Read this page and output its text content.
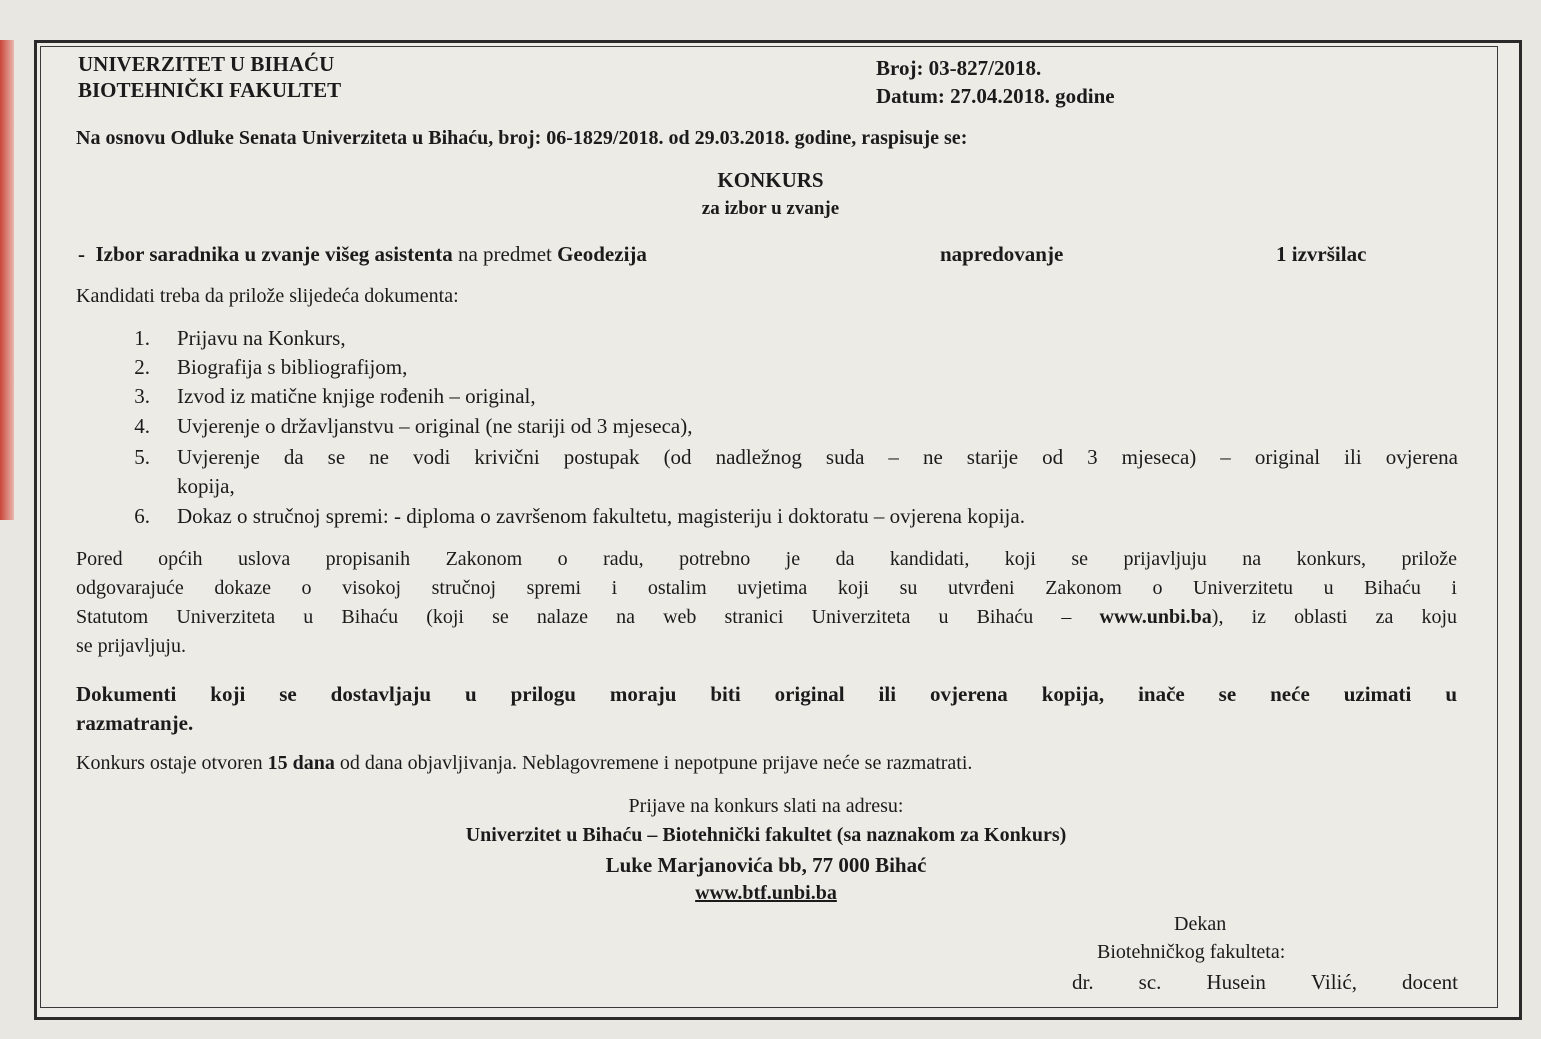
UNIVERZITET U BIHAĆU
BIOTEHNIČKI FAKULTET
Broj: 03-827/2018.
Datum: 27.04.2018. godine
Na osnovu Odluke Senata Univerziteta u Bihaću, broj: 06-1829/2018. od 29.03.2018. godine, raspisuje se:
KONKURS
za izbor u zvanje
- Izbor saradnika u zvanje višeg asistenta na predmet Geodezija	napredovanje	1 izvršilac
Kandidati treba da prilože slijedeća dokumenta:
1. Prijavu na Konkurs,
2. Biografija s bibliografijom,
3. Izvod iz matične knjige rođenih – original,
4. Uvjerenje o državljanstvu – original (ne stariji od 3 mjeseca),
5. Uvjerenje da se ne vodi krivični postupak (od nadležnog suda – ne starije od 3 mjeseca) – original ili ovjerena
kopija,
6. Dokaz o stručnoj spremi: - diploma o završenom fakultetu, magisteriju i doktoratu – ovjerena kopija.
Pored općih uslova propisanih Zakonom o radu, potrebno je da kandidati, koji se prijavljuju na konkurs, prilože
odgovarajuće dokaze o visokoj stručnoj spremi i ostalim uvjetima koji su utvrđeni Zakonom o Univerzitetu u Bihaću i
Statutom Univerziteta u Bihaću (koji se nalaze na web stranici Univerziteta u Bihaću – www.unbi.ba), iz oblasti za koju
se prijavljuju.
Dokumenti koji se dostavljaju u prilogu moraju biti original ili ovjerena kopija, inače se neće uzimati u
razmatranje.
Konkurs ostaje otvoren 15 dana od dana objavljivanja. Neblagovremene i nepotpune prijave neće se razmatrati.
Prijave na konkurs slati na adresu:
Univerzitet u Bihaću – Biotehnički fakultet (sa naznakom za Konkurs)
Luke Marjanovića bb, 77 000 Bihać
www.btf.unbi.ba
Dekan
Biotehničkog fakulteta:
dr. sc. Husein Vilić, docent
